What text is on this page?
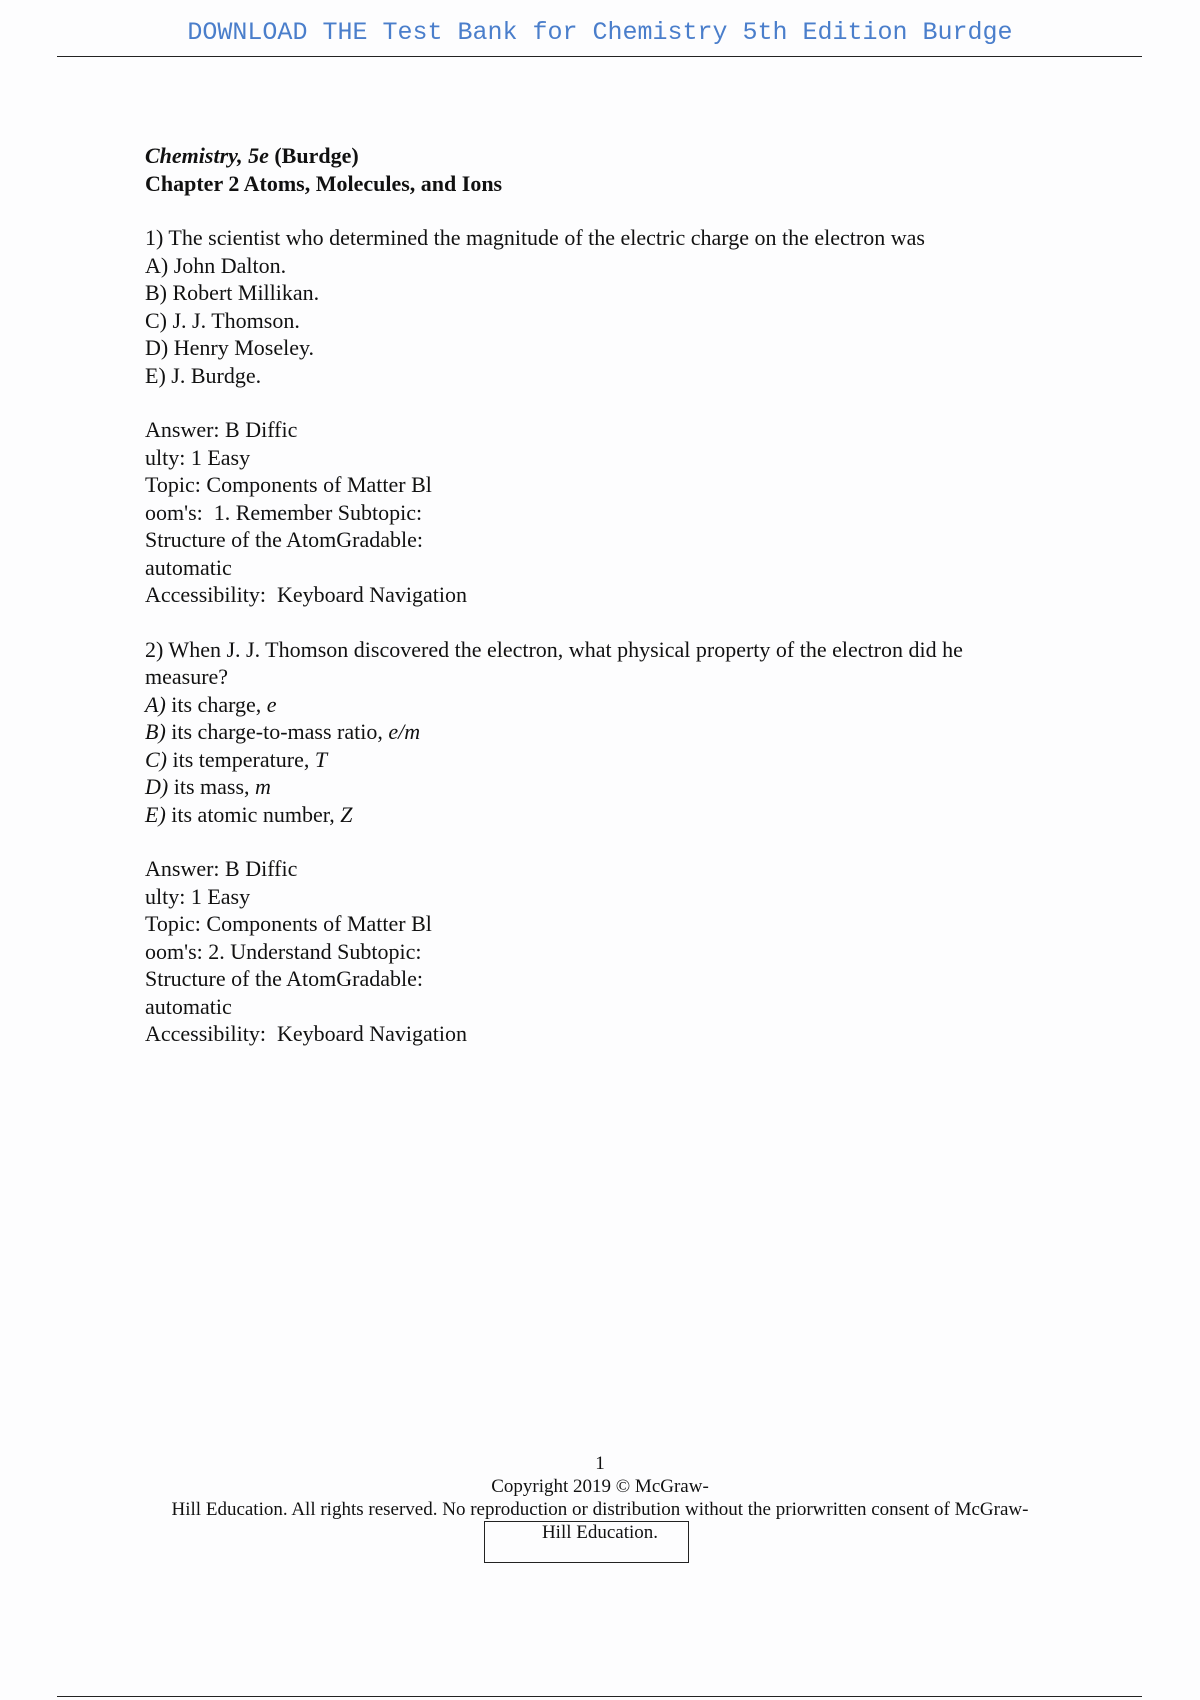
DOWNLOAD THE Test Bank for Chemistry 5th Edition Burdge

Chemistry, 5e (Burdge)

Chapter 2 Atoms, Molecules, and Ions

1) The scientist who determined the magnitude of the electric charge on the electron was

A) John Dalton.

B) Robert Millikan.

C) J. J. Thomson.

D) Henry Moseley.

E) J. Burdge.

Answer: B Diffic

ulty: 1 Easy

Topic: Components of Matter Bl

oom's:  1. Remember Subtopic:

Structure of the AtomGradable:

automatic

Accessibility:  Keyboard Navigation

2) When J. J. Thomson discovered the electron, what physical property of the electron did he measure?

A) its charge, e

B) its charge-to-mass ratio, e/m

C) its temperature, T

D) its mass, m

E) its atomic number, Z

Answer: B Diffic

ulty: 1 Easy

Topic: Components of Matter Bl

oom's: 2. Understand Subtopic:

Structure of the AtomGradable:

automatic

Accessibility:  Keyboard Navigation

1

Copyright 2019 © McGraw-

Hill Education. All rights reserved. No reproduction or distribution without the priorwritten consent of McGraw-

Hill Education.
